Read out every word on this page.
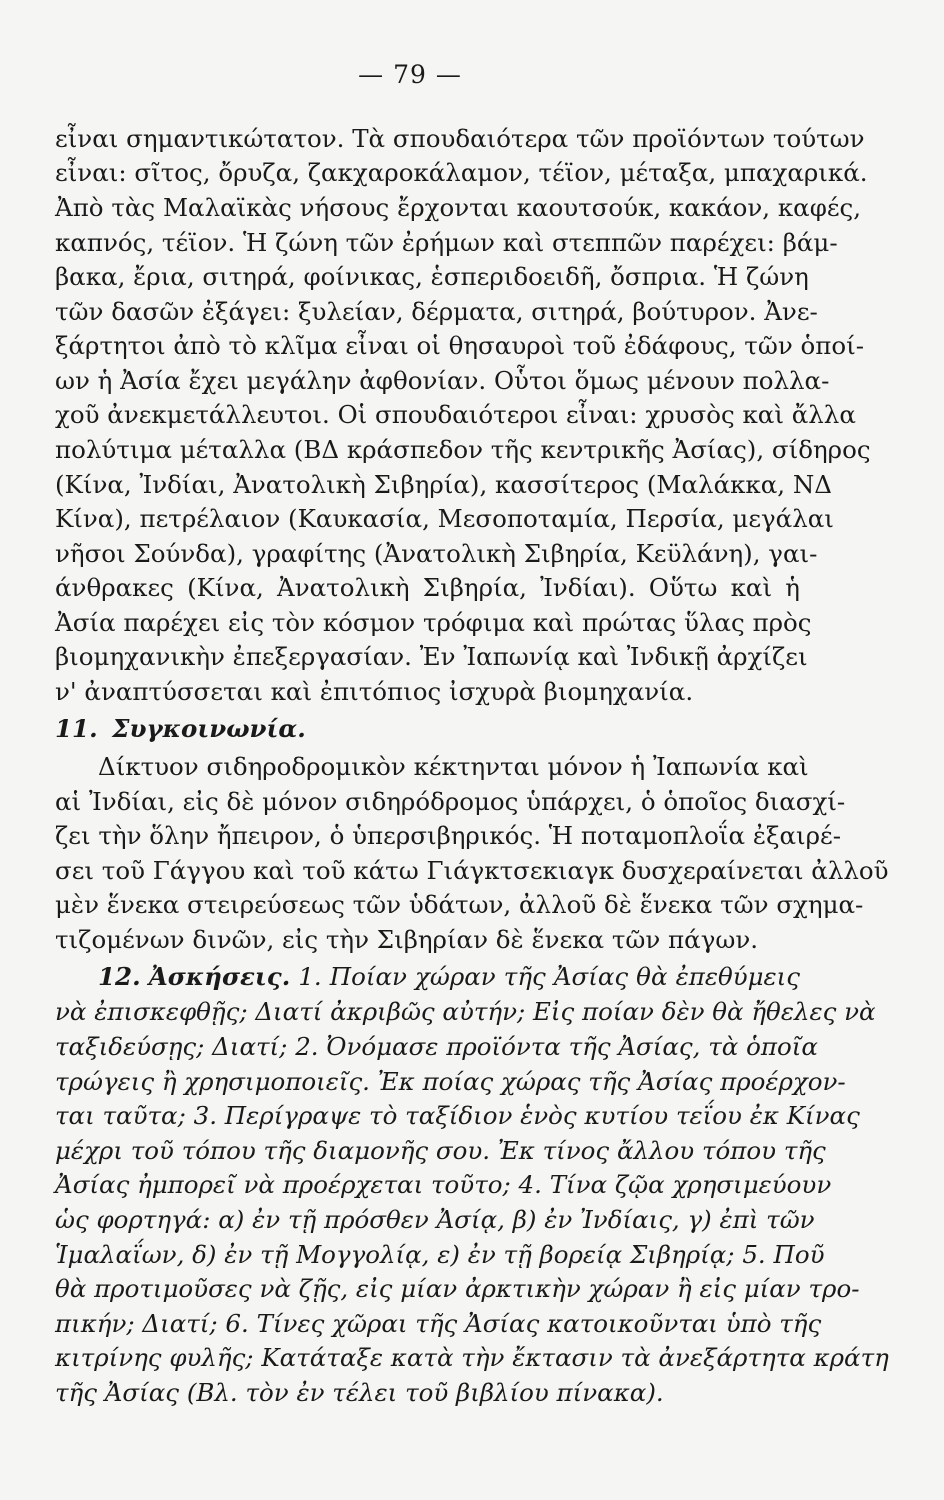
— 79 —
εἶναι σημαντικώτατον. Τὰ σπουδαιότερα τῶν προϊόντων τούτων
εἶναι: σῖτος, ὄρυζα, ζακχαροκάλαμον, τέϊον, μέταξα, μπαχαρικά.
Ἀπὸ τὰς Μαλαϊκὰς νήσους ἔρχονται καουτσούκ, κακάον, καφές,
καπνός, τέϊον. Ἡ ζώνη τῶν ἐρήμων καὶ στεππῶν παρέχει: βάμ-
βακα, ἔρια, σιτηρά, φοίνικας, ἑσπεριδοειδῆ, ὄσπρια. Ἡ ζώνη
τῶν δασῶν ἐξάγει: ξυλείαν, δέρματα, σιτηρά, βούτυρον. Ἀνε-
ξάρτητοι ἀπὸ τὸ κλῖμα εἶναι οἱ θησαυροὶ τοῦ ἐδάφους, τῶν ὁποί-
ων ἡ Ἀσία ἔχει μεγάλην ἀφθονίαν. Οὗτοι ὅμως μένουν πολλα-
χοῦ ἀνεκμετάλλευτοι. Οἱ σπουδαιότεροι εἶναι: χρυσὸς καὶ ἄλλα
πολύτιμα μέταλλα (ΒΔ κράσπεδον τῆς κεντρικῆς Ἀσίας), σίδηρος
(Κίνα, Ἰνδίαι, Ἀνατολικὴ Σιβηρία), κασσίτερος (Μαλάκκα, ΝΔ
Κίνα), πετρέλαιον (Καυκασία, Μεσοποταμία, Περσία, μεγάλαι
νῆσοι Σούνδα), γραφίτης (Ἀνατολικὴ Σιβηρία, Κεϋλάνη), γαι-
άνθρακες (Κίνα, Ἀνατολικὴ Σιβηρία, Ἰνδίαι). Οὕτω καὶ ἡ
Ἀσία παρέχει εἰς τὸν κόσμον τρόφιμα καὶ πρώτας ὕλας πρὸς
βιομηχανικὴν ἐπεξεργασίαν. Ἐν Ἰαπωνίᾳ καὶ Ἰνδικῇ ἀρχίζει
ν' ἀναπτύσσεται καὶ ἐπιτόπιος ἰσχυρὰ βιομηχανία.
11. Συγκοινωνία.
Δίκτυον σιδηροδρομικὸν κέκτηνται μόνον ἡ Ἰαπωνία καὶ
αἱ Ἰνδίαι, εἰς δὲ μόνον σιδηρόδρομος ὑπάρχει, ὁ ὁποῖος διασχί-
ζει τὴν ὅλην ἤπειρον, ὁ ὑπερσιβηρικός. Ἡ ποταμοπλοΐα ἐξαιρέ-
σει τοῦ Γάγγου καὶ τοῦ κάτω Γιάγκτσεκιαγκ δυσχεραίνεται ἀλλοῦ
μὲν ἕνεκα στειρεύσεως τῶν ὑδάτων, ἀλλοῦ δὲ ἕνεκα τῶν σχημα-
τιζομένων δινῶν, εἰς τὴν Σιβηρίαν δὲ ἕνεκα τῶν πάγων.
12. Ἀσκήσεις. 1. Ποίαν χώραν τῆς Ἀσίας θὰ ἐπεθύμεις
νὰ ἐπισκεφθῇς; Διατί ἀκριβῶς αὐτήν; Εἰς ποίαν δὲν θὰ ἤθελες νὰ
ταξιδεύσῃς; Διατί; 2. Ὀνόμασε προϊόντα τῆς Ἀσίας, τὰ ὁποῖα
τρώγεις ἢ χρησιμοποιεῖς. Ἐκ ποίας χώρας τῆς Ἀσίας προέρχον-
ται ταῦτα; 3. Περίγραψε τὸ ταξίδιον ἑνὸς κυτίου τεΐου ἐκ Κίνας
μέχρι τοῦ τόπου τῆς διαμονῆς σου. Ἐκ τίνος ἄλλου τόπου τῆς
Ἀσίας ἠμπορεῖ νὰ προέρχεται τοῦτο; 4. Τίνα ζῷα χρησιμεύουν
ὡς φορτηγά: α) ἐν τῇ πρόσθεν Ἀσίᾳ, β) ἐν Ἰνδίαις, γ) ἐπὶ τῶν
Ἱμαλαΐων, δ) ἐν τῇ Μογγολίᾳ, ε) ἐν τῇ βορείᾳ Σιβηρίᾳ; 5. Ποῦ
θὰ προτιμοῦσες νὰ ζῇς, εἰς μίαν ἀρκτικὴν χώραν ἢ εἰς μίαν τρο-
πικήν; Διατί; 6. Τίνες χῶραι τῆς Ἀσίας κατοικοῦνται ὑπὸ τῆς
κιτρίνης φυλῆς; Κατάταξε κατὰ τὴν ἔκτασιν τὰ ἀνεξάρτητα κράτη
τῆς Ἀσίας (Βλ. τὸν ἐν τέλει τοῦ βιβλίου πίνακα).
